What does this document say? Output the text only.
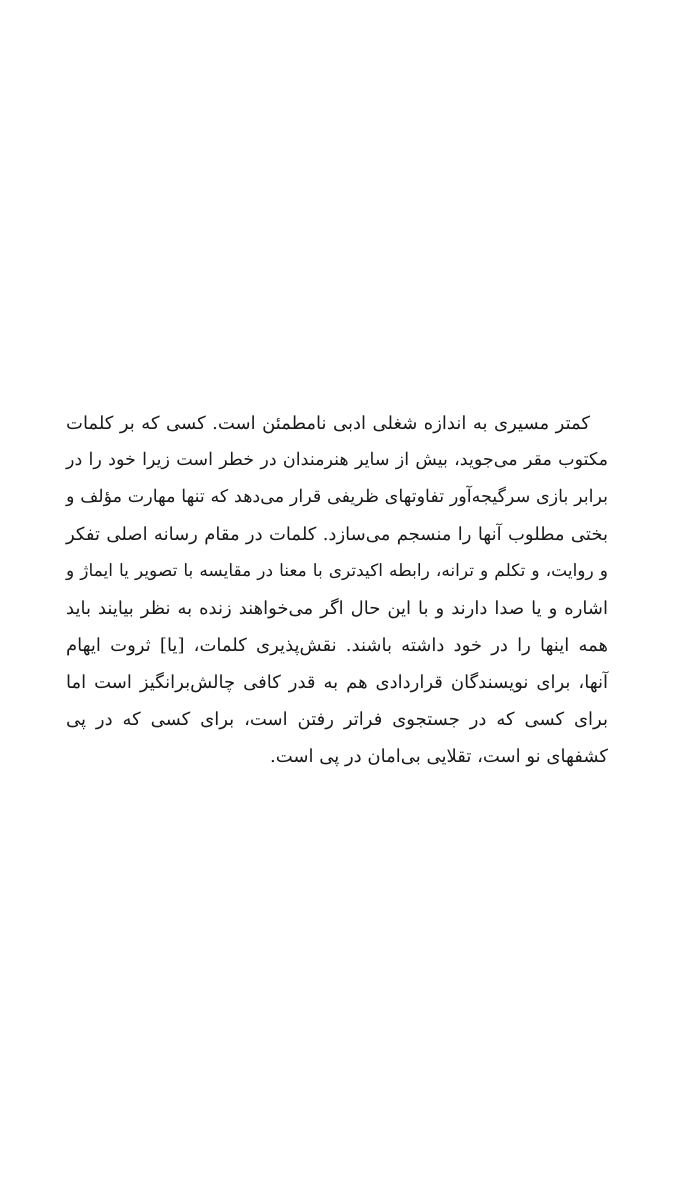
کمتر مسیری به اندازه شغلی ادبی نامطمئن است. کسی که بر کلمات
مکتوب مقر می‌جوید، بیش از سایر هنرمندان در خطر است زیرا خود را در
برابر بازی سرگیجه‌آور تفاوتهای ظریفی قرار می‌دهد که تنها مهارت مؤلف و
بختی مطلوب آنها را منسجم می‌سازد. کلمات در مقام رسانه اصلی تفکر
و روایت، و تکلم و ترانه، رابطه اکیدتری با معنا در مقایسه با تصویر یا ایماژ و
اشاره و یا صدا دارند و با این حال اگر می‌خواهند زنده به نظر بیایند باید
همه اینها را در خود داشته باشند. نقش‌پذیری کلمات، [یا] ثروت ایهام
آنها، برای نویسندگان قراردادی هم به قدر کافی چالش‌برانگیز است اما
برای کسی که در جستجوی فراتر رفتن است، برای کسی که در پی
کشفهای نو است، تقلایی بی‌امان در پی است.
